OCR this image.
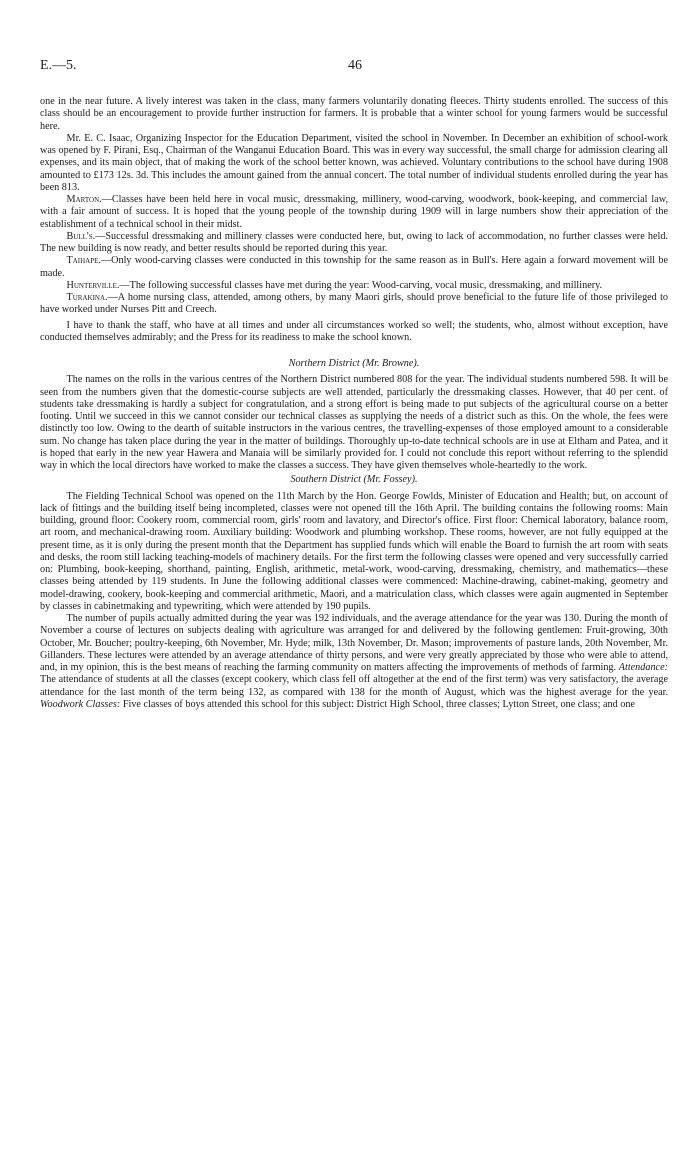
E.—5.	46

one in the near future. A lively interest was taken in the class, many farmers voluntarily donating fleeces. Thirty students enrolled. The success of this class should be an encouragement to provide further instruction for farmers. It is probable that a winter school for young farmers would be successful here.

Mr. E. C. Isaac, Organizing Inspector for the Education Department, visited the school in November. In December an exhibition of school-work was opened by F. Pirani, Esq., Chairman of the Wanganui Education Board. This was in every way successful, the small charge for admission clearing all expenses, and its main object, that of making the work of the school better known, was achieved. Voluntary contributions to the school have during 1908 amounted to £173 12s. 3d. This includes the amount gained from the annual concert. The total number of individual students enrolled during the year has been 813.

Marton.—Classes have been held here in vocal music, dressmaking, millinery, wood-carving, woodwork, book-keeping, and commercial law, with a fair amount of success. It is hoped that the young people of the township during 1909 will in large numbers show their appreciation of the establishment of a technical school in their midst.

Bull's.—Successful dressmaking and millinery classes were conducted here, but, owing to lack of accommodation, no further classes were held. The new building is now ready, and better results should be reported during this year.

Taihape.—Only wood-carving classes were conducted in this township for the same reason as in Bull's. Here again a forward movement will be made.

Hunterville.—The following successful classes have met during the year: Wood-carving, vocal music, dressmaking, and millinery.

Turakina.—A home nursing class, attended, among others, by many Maori girls, should prove beneficial to the future life of those privileged to have worked under Nurses Pitt and Creech.

I have to thank the staff, who have at all times and under all circumstances worked so well; the students, who, almost without exception, have conducted themselves admirably; and the Press for its readiness to make the school known.

Northern District (Mr. Browne).

The names on the rolls in the various centres of the Northern District numbered 808 for the year. The individual students numbered 598. It will be seen from the numbers given that the domestic-course subjects are well attended, particularly the dressmaking classes. However, that 40 per cent. of students take dressmaking is hardly a subject for congratulation, and a strong effort is being made to put subjects of the agricultural course on a better footing. Until we succeed in this we cannot consider our technical classes as supplying the needs of a district such as this. On the whole, the fees were distinctly too low. Owing to the dearth of suitable instructors in the various centres, the travelling-expenses of those employed amount to a considerable sum. No change has taken place during the year in the matter of buildings. Thoroughly up-to-date technical schools are in use at Eltham and Patea, and it is hoped that early in the new year Hawera and Manaia will be similarly provided for. I could not conclude this report without referring to the splendid way in which the local directors have worked to make the classes a success. They have given themselves whole-heartedly to the work.

Southern District (Mr. Fossey).

The Fielding Technical School was opened on the 11th March by the Hon. George Fowlds, Minister of Education and Health; but, on account of lack of fittings and the building itself being incompleted, classes were not opened till the 16th April. The building contains the following rooms: Main building, ground floor: Cookery room, commercial room, girls' room and lavatory, and Director's office. First floor: Chemical laboratory, balance room, art room, and mechanical-drawing room. Auxiliary building: Woodwork and plumbing workshop. These rooms, however, are not fully equipped at the present time, as it is only during the present month that the Department has supplied funds which will enable the Board to furnish the art room with seats and desks, the room still lacking teaching-models of machinery details. For the first term the following classes were opened and very successfully carried on: Plumbing, book-keeping, shorthand, painting, English, arithmetic, metal-work, wood-carving, dressmaking, chemistry, and mathematics—these classes being attended by 119 students. In June the following additional classes were commenced: Machine-drawing, cabinet-making, geometry and model-drawing, cookery, book-keeping and commercial arithmetic, Maori, and a matriculation class, which classes were again augmented in September by classes in cabinetmaking and typewriting, which were attended by 190 pupils.

The number of pupils actually admitted during the year was 192 individuals, and the average attendance for the year was 130. During the month of November a course of lectures on subjects dealing with agriculture was arranged for and delivered by the following gentlemen: Fruit-growing, 30th October, Mr. Boucher; poultry-keeping, 6th November, Mr. Hyde; milk, 13th November, Dr. Mason; improvements of pasture lands, 20th November, Mr. Gillanders. These lectures were attended by an average attendance of thirty persons, and were very greatly appreciated by those who were able to attend, and, in my opinion, this is the best means of reaching the farming community on matters affecting the improvements of methods of farming. Attendance: The attendance of students at all the classes (except cookery, which class fell off altogether at the end of the first term) was very satisfactory, the average attendance for the last month of the term being 132, as compared with 138 for the month of August, which was the highest average for the year. Woodwork Classes: Five classes of boys attended this school for this subject: District High School, three classes; Lytton Street, one class; and one
